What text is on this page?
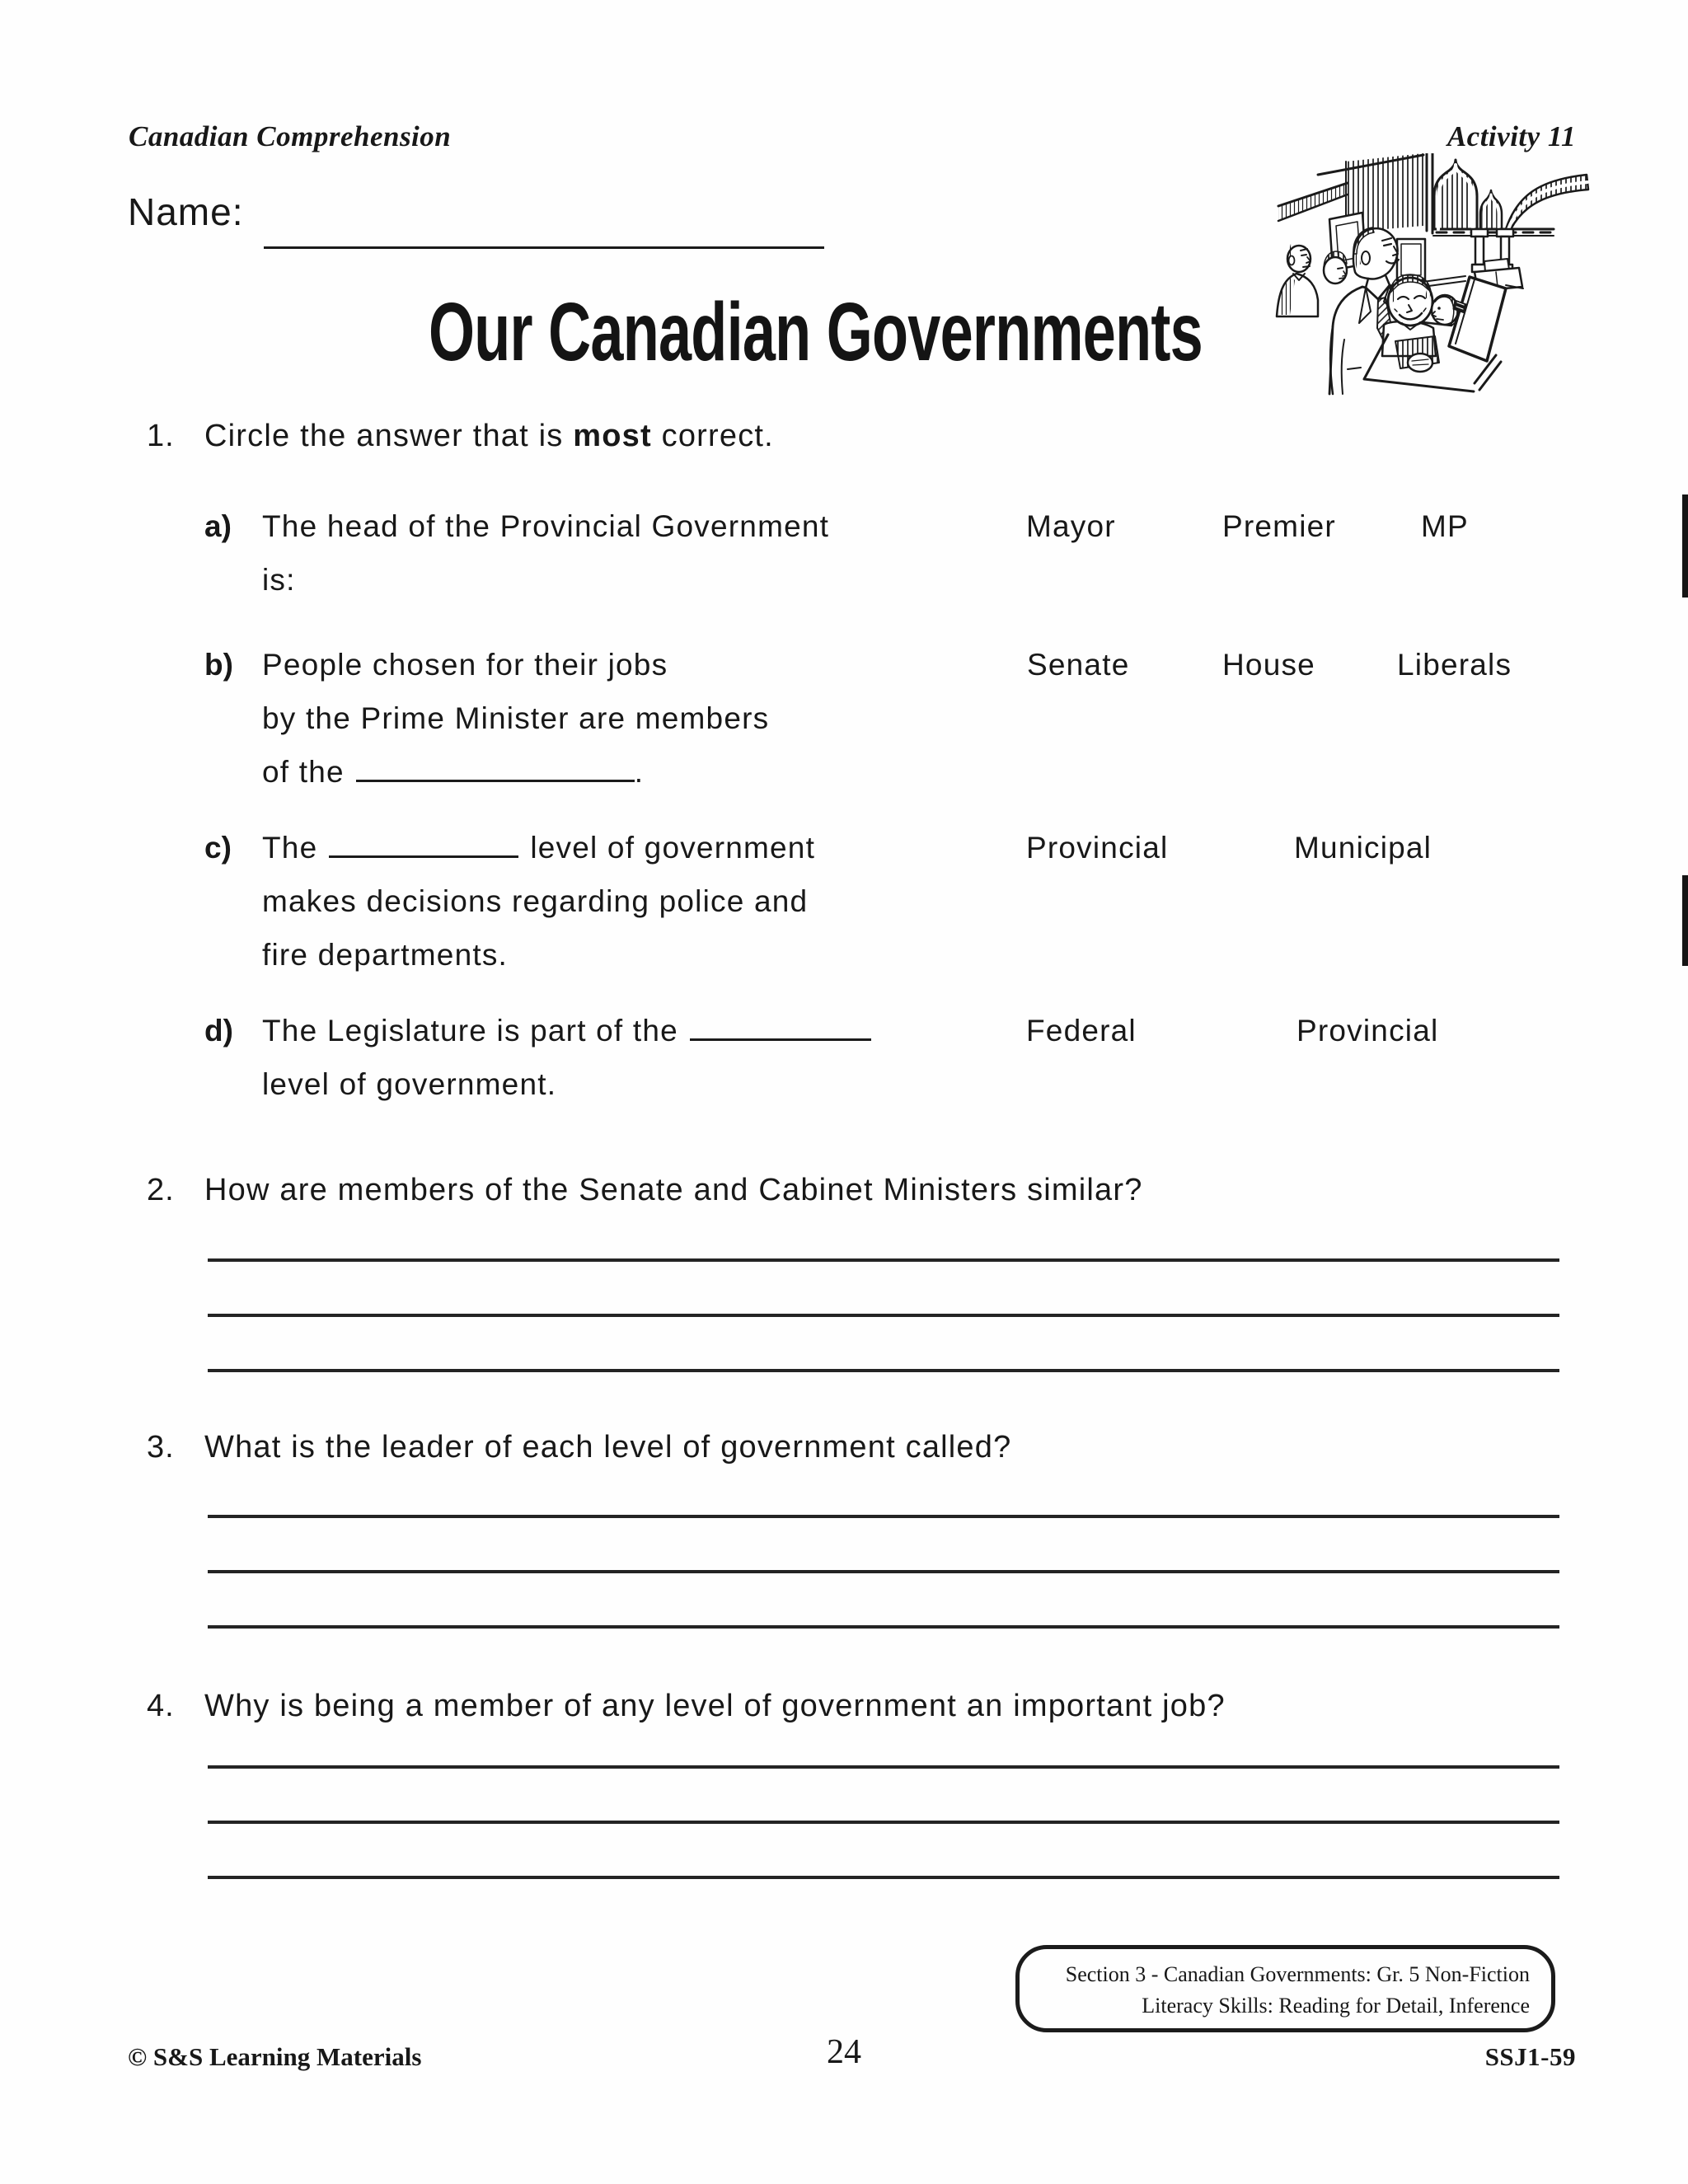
Canadian Comprehension	Activity 11
Name:
Our Canadian Governments
1. Circle the answer that is most correct.
a) The head of the Provincial Government
is:
Mayor	Premier	MP
b) People chosen for their jobs
by the Prime Minister are members
of the	.
Senate	House	Liberals
c) The	level of government
makes decisions regarding police and
fire departments.
Provincial	Municipal
d) The Legislature is part of the
level of government.
Federal	Provincial
2. How are members of the Senate and Cabinet Ministers similar?
3. What is the leader of each level of government called?
4. Why is being a member of any level of government an important job?
Section 3 - Canadian Governments: Gr. 5 Non-Fiction
Literacy Skills: Reading for Detail, Inference
© S&S Learning Materials	24	SSJ1-59
